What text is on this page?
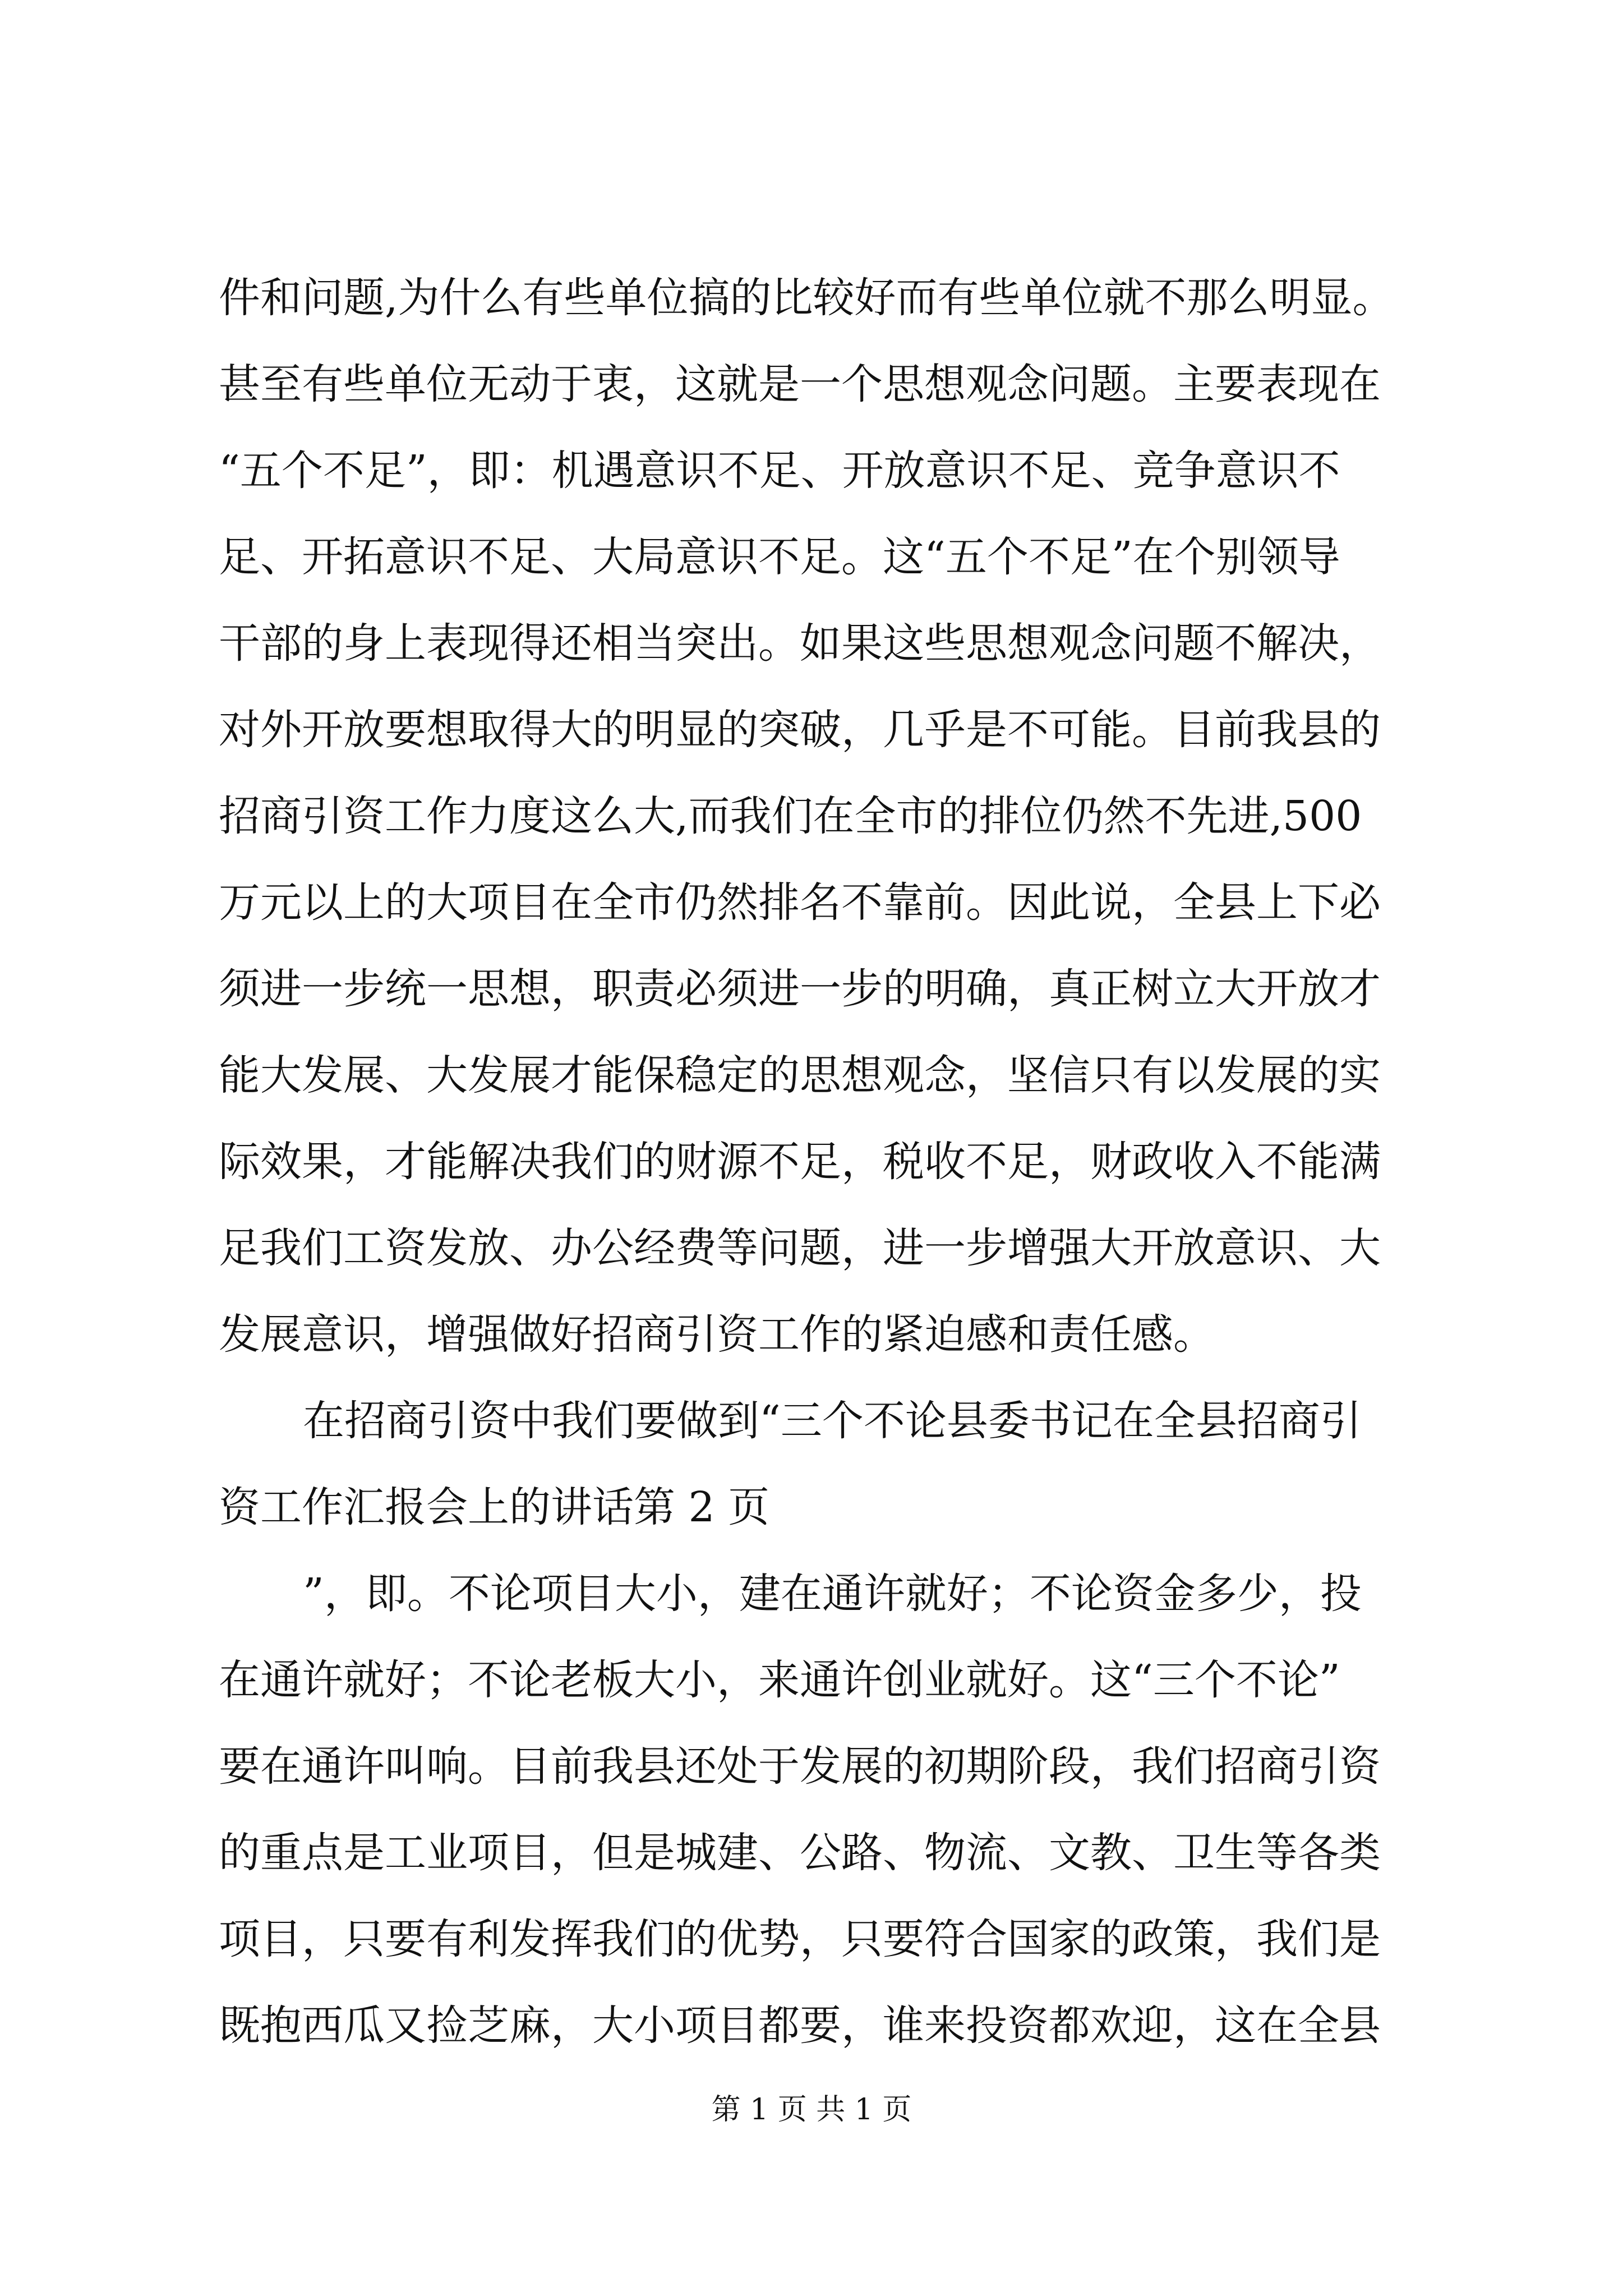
件和问题,为什么有些单位搞的比较好而有些单位就不那么明显。
甚至有些单位无动于衷，这就是一个思想观念问题。主要表现在
“五个不足”，即：机遇意识不足、开放意识不足、竞争意识不
足、开拓意识不足、大局意识不足。这“五个不足”在个别领导
干部的身上表现得还相当突出。如果这些思想观念问题不解决，
对外开放要想取得大的明显的突破，几乎是不可能。目前我县的
招商引资工作力度这么大,而我们在全市的排位仍然不先进,500
万元以上的大项目在全市仍然排名不靠前。因此说，全县上下必
须进一步统一思想，职责必须进一步的明确，真正树立大开放才
能大发展、大发展才能保稳定的思想观念，坚信只有以发展的实
际效果，才能解决我们的财源不足，税收不足，财政收入不能满
足我们工资发放、办公经费等问题，进一步增强大开放意识、大
发展意识，增强做好招商引资工作的紧迫感和责任感。
在招商引资中我们要做到“三个不论县委书记在全县招商引
资工作汇报会上的讲话第 2 页
”，即。不论项目大小，建在通许就好；不论资金多少，投
在通许就好；不论老板大小，来通许创业就好。这“三个不论”
要在通许叫响。目前我县还处于发展的初期阶段，我们招商引资
的重点是工业项目，但是城建、公路、物流、文教、卫生等各类
项目，只要有利发挥我们的优势，只要符合国家的政策，我们是
既抱西瓜又捡芝麻，大小项目都要，谁来投资都欢迎，这在全县
第 1 页 共 1 页
